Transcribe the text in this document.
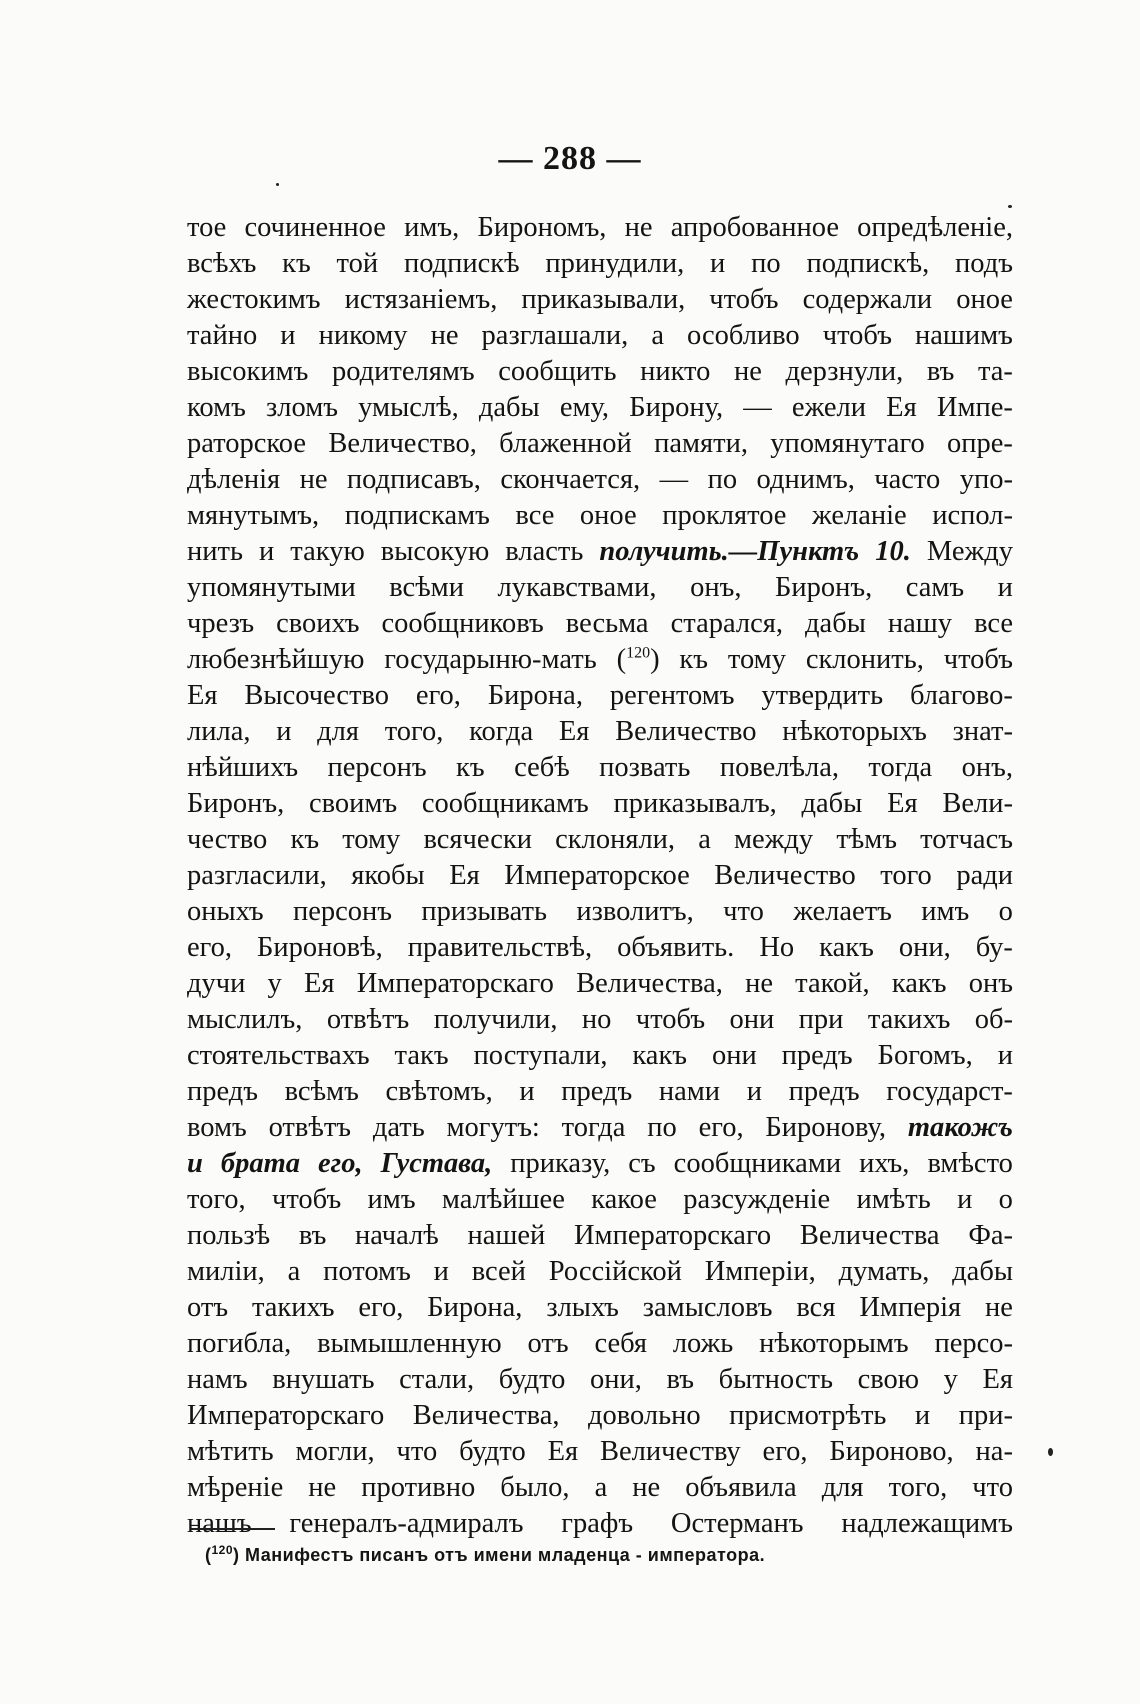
— 288 —
тое сочиненное имъ, Бирономъ, не апробованное опредѣленіе,
всѣхъ къ той подпискѣ принудили, и по подпискѣ, подъ
жестокимъ истязаніемъ, приказывали, чтобъ содержали оное
тайно и никому не разглашали, а особливо чтобъ нашимъ
высокимъ родителямъ сообщить никто не дерзнули, въ та-
комъ зломъ умыслѣ, дабы ему, Бирону, — ежели Ея Импе-
раторское Величество, блаженной памяти, упомянутаго опре-
дѣленія не подписавъ, скончается, — по однимъ, часто упо-
мянутымъ, подпискамъ все оное проклятое желаніе испол-
нить и такую высокую власть получить.—Пунктъ 10. Между
упомянутыми всѣми лукавствами, онъ, Биронъ, самъ и
чрезъ своихъ сообщниковъ весьма старался, дабы нашу все
любезнѣйшую государыню-мать ($^{120}$) къ тому склонить, чтобъ
Ея Высочество его, Бирона, регентомъ утвердить благово-
лила, и для того, когда Ея Величество нѣкоторыхъ знат-
нѣйшихъ персонъ къ себѣ позвать повелѣла, тогда онъ,
Биронъ, своимъ сообщникамъ приказывалъ, дабы Ея Вели-
чество къ тому всячески склоняли, а между тѣмъ тотчасъ
разгласили, якобы Ея Императорское Величество того ради
оныхъ персонъ призывать изволитъ, что желаетъ имъ о
его, Бироновѣ, правительствѣ, объявить. Но какъ они, бу-
дучи у Ея Императорскаго Величества, не такой, какъ онъ
мыслилъ, отвѣтъ получили, но чтобъ они при такихъ об-
стоятельствахъ такъ поступали, какъ они предъ Богомъ, и
предъ всѣмъ свѣтомъ, и предъ нами и предъ государст-
вомъ отвѣтъ дать могутъ: тогда по его, Биронову, такожъ
и брата его, Густава, приказу, съ сообщниками ихъ, вмѣсто
того, чтобъ имъ малѣйшее какое разсужденіе имѣть и о
пользѣ въ началѣ нашей Императорскаго Величества Фа-
миліи, а потомъ и всей Россійской Имперіи, думать, дабы
отъ такихъ его, Бирона, злыхъ замысловъ вся Имперія не
погибла, вымышленную отъ себя ложь нѣкоторымъ персо-
намъ внушать стали, будто они, въ бытность свою у Ея
Императорскаго Величества, довольно присмотрѣть и при-
мѣтить могли, что будто Ея Величеству его, Бироново, на-
мѣреніе не противно было, а не объявила для того, что
нашъ генералъ-адмиралъ графъ Остерманъ надлежащимъ
($^{120}$) Манифестъ писанъ отъ имени младенца - императора.
